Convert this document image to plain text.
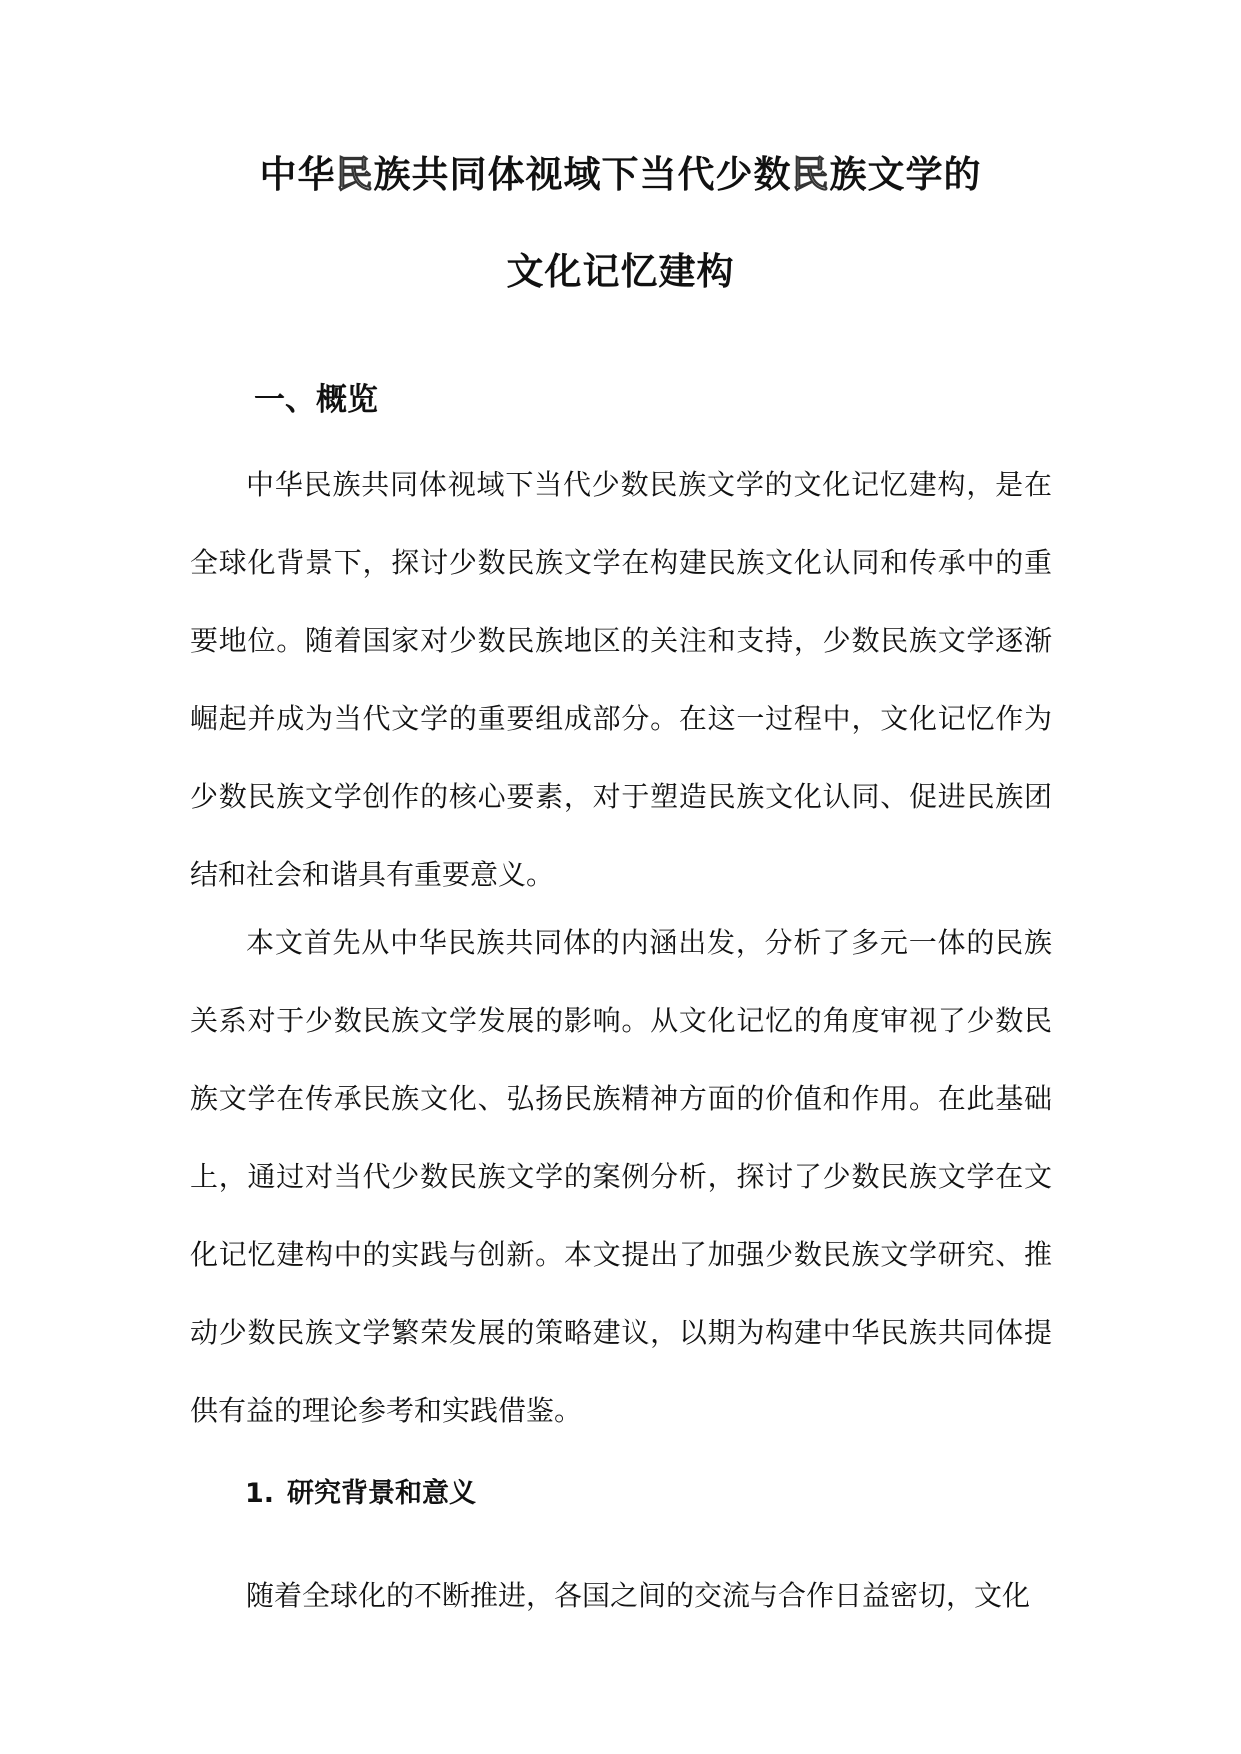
中华民族共同体视域下当代少数民族文学的
文化记忆建构
一、概览

中华民族共同体视域下当代少数民族文学的文化记忆建构，是在全球化背景下，探讨少数民族文学在构建民族文化认同和传承中的重要地位。随着国家对少数民族地区的关注和支持，少数民族文学逐渐崛起并成为当代文学的重要组成部分。在这一过程中，文化记忆作为少数民族文学创作的核心要素，对于塑造民族文化认同、促进民族团结和社会和谐具有重要意义。

本文首先从中华民族共同体的内涵出发，分析了多元一体的民族关系对于少数民族文学发展的影响。从文化记忆的角度审视了少数民族文学在传承民族文化、弘扬民族精神方面的价值和作用。在此基础上，通过对当代少数民族文学的案例分析，探讨了少数民族文学在文化记忆建构中的实践与创新。本文提出了加强少数民族文学研究、推动少数民族文学繁荣发展的策略建议，以期为构建中华民族共同体提供有益的理论参考和实践借鉴。

1. 研究背景和意义

随着全球化的不断推进，各国之间的交流与合作日益密切，文化
